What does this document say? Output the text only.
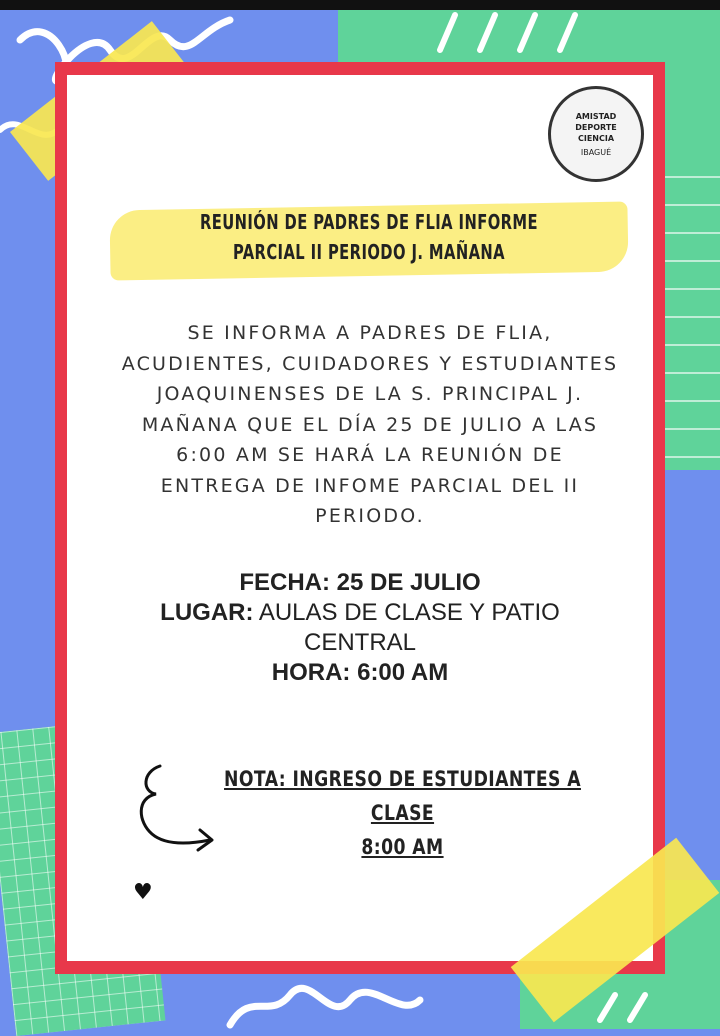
AMISTAD
DEPORTE
CIENCIA
IBAGUÉ
REUNIÓN DE PADRES DE FLIA INFORME
PARCIAL II PERIODO J. MAÑANA
SE INFORMA A PADRES DE FLIA,
ACUDIENTES, CUIDADORES Y ESTUDIANTES
JOAQUINENSES DE LA S. PRINCIPAL J.
MAÑANA QUE EL DÍA 25 DE JULIO A LAS
6:00 AM SE HARÁ LA REUNIÓN DE
ENTREGA DE INFOME PARCIAL DEL II
PERIODO.
FECHA: 25 DE JULIO
LUGAR: AULAS DE CLASE Y PATIO
CENTRAL
HORA: 6:00 AM
NOTA: INGRESO DE ESTUDIANTES A CLASE
8:00 AM
♥
